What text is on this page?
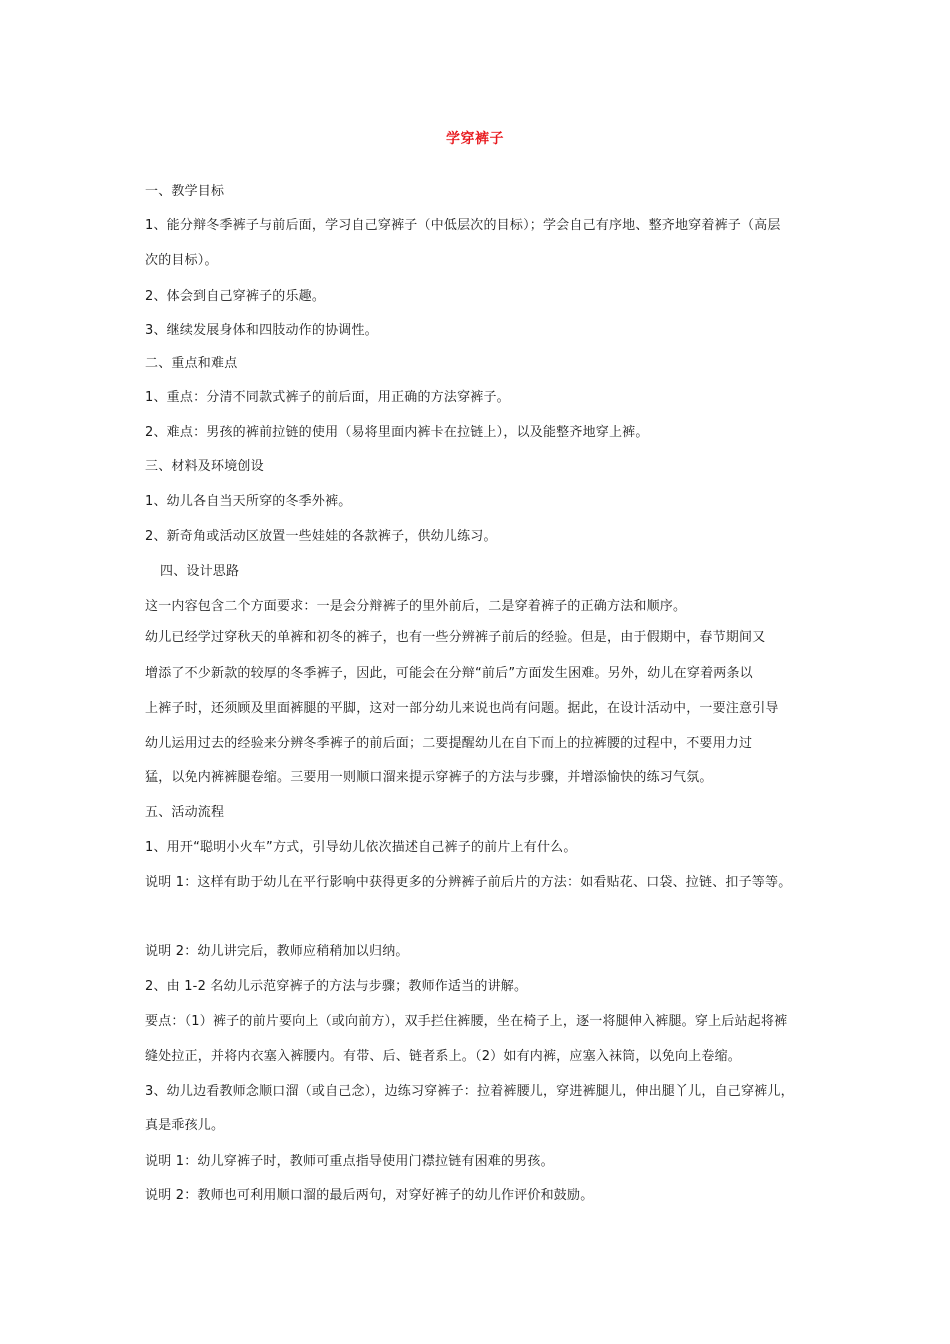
学穿裤子
一、教学目标
1、能分辩冬季裤子与前后面，学习自己穿裤子（中低层次的目标）；学会自己有序地、整齐地穿着裤子（高层
次的目标）。
2、体会到自己穿裤子的乐趣。
3、继续发展身体和四肢动作的协调性。
二、重点和难点
1、重点：分清不同款式裤子的前后面，用正确的方法穿裤子。
2、难点：男孩的裤前拉链的使用（易将里面内裤卡在拉链上），以及能整齐地穿上裤。
三、材料及环境创设
1、幼儿各自当天所穿的冬季外裤。
2、新奇角或活动区放置一些娃娃的各款裤子，供幼儿练习。
四、设计思路
这一内容包含二个方面要求：一是会分辩裤子的里外前后，二是穿着裤子的正确方法和顺序。
幼儿已经学过穿秋天的单裤和初冬的裤子，也有一些分辨裤子前后的经验。但是，由于假期中，春节期间又
增添了不少新款的较厚的冬季裤子，因此，可能会在分辩“前后”方面发生困难。另外，幼儿在穿着两条以
上裤子时，还须顾及里面裤腿的平脚，这对一部分幼儿来说也尚有问题。据此，在设计活动中，一要注意引导
幼儿运用过去的经验来分辨冬季裤子的前后面；二要提醒幼儿在自下而上的拉裤腰的过程中，不要用力过
猛，以免内裤裤腿卷缩。三要用一则顺口溜来提示穿裤子的方法与步骤，并增添愉快的练习气氛。
五、活动流程
1、用开“聪明小火车”方式，引导幼儿依次描述自己裤子的前片上有什么。
说明 1：这样有助于幼儿在平行影响中获得更多的分辨裤子前后片的方法：如看贴花、口袋、拉链、扣子等等。
说明 2：幼儿讲完后，教师应稍稍加以归纳。
2、由 1-2 名幼儿示范穿裤子的方法与步骤；教师作适当的讲解。
要点：（1）裤子的前片要向上（或向前方），双手拦住裤腰，坐在椅子上，逐一将腿伸入裤腿。穿上后站起将裤
缝处拉正，并将内衣塞入裤腰内。有带、后、链者系上。（2）如有内裤，应塞入袜筒，以免向上卷缩。
3、幼儿边看教师念顺口溜（或自己念），边练习穿裤子：拉着裤腰儿，穿进裤腿儿，伸出腿丫儿，自己穿裤儿，
真是乖孩儿。
说明 1：幼儿穿裤子时，教师可重点指导使用门襟拉链有困难的男孩。
说明 2：教师也可利用顺口溜的最后两句，对穿好裤子的幼儿作评价和鼓励。
